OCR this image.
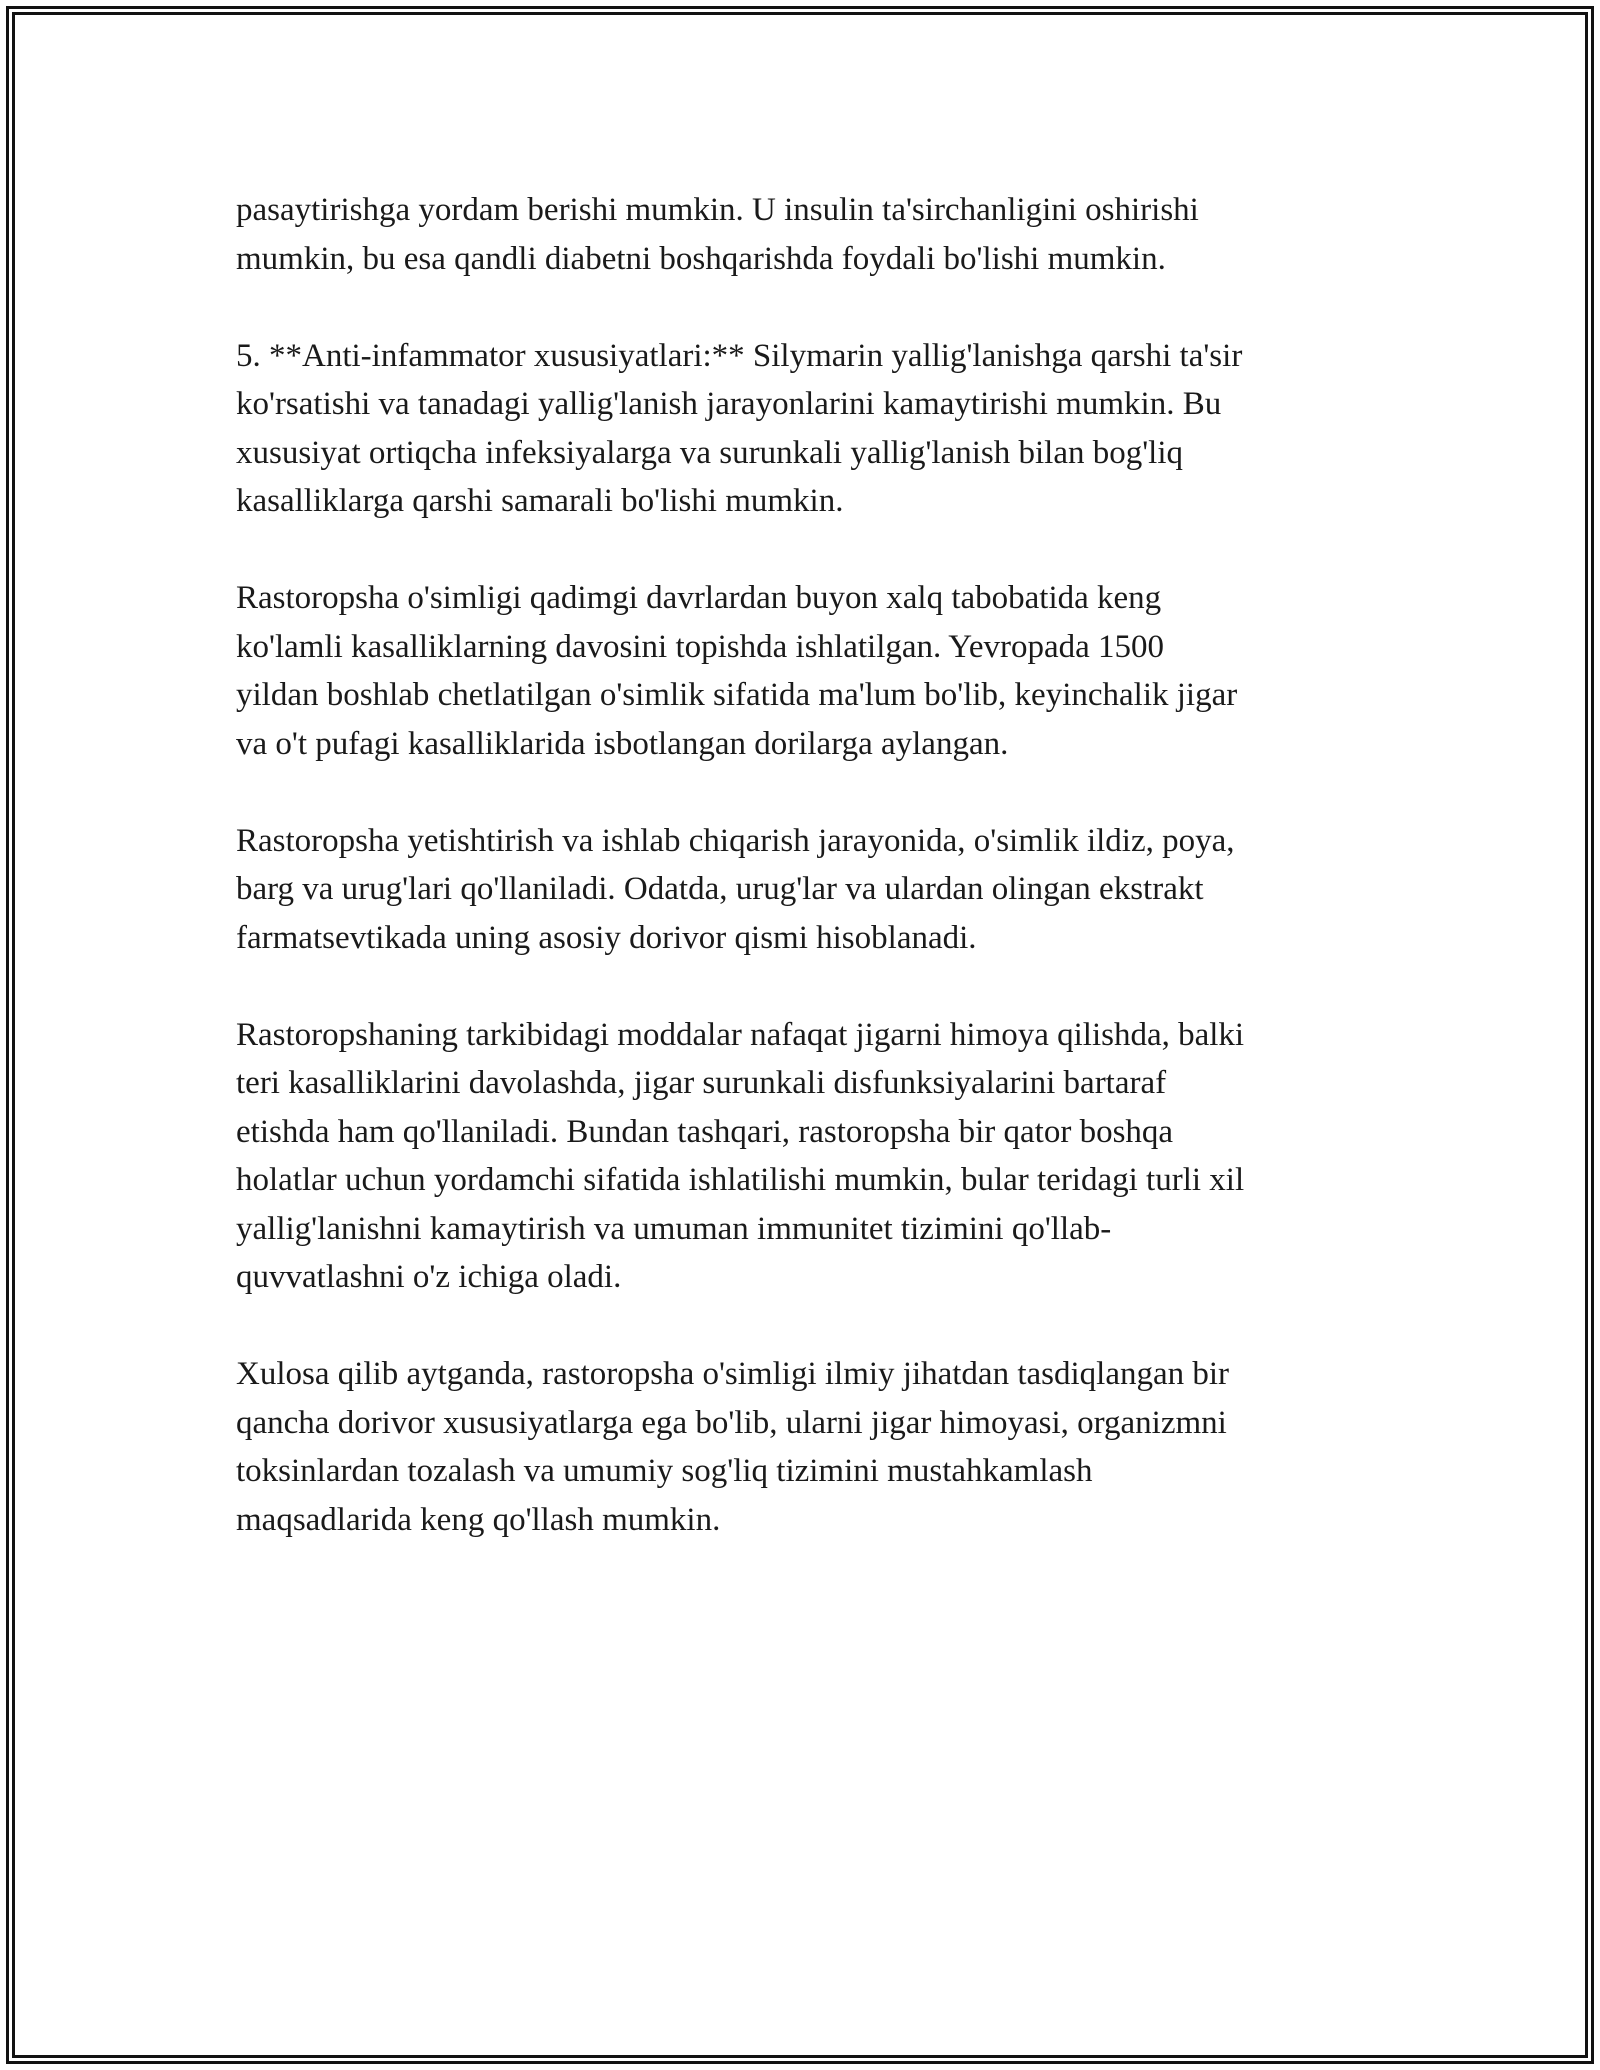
pasaytirishga yordam berishi mumkin. U insulin ta'sirchanligini oshirishi
mumkin, bu esa qandli diabetni boshqarishda foydali bo'lishi mumkin.

5. **Anti-infammator xususiyatlari:** Silymarin yallig'lanishga qarshi ta'sir
ko'rsatishi va tanadagi yallig'lanish jarayonlarini kamaytirishi mumkin. Bu
xususiyat ortiqcha infeksiyalarga va surunkali yallig'lanish bilan bog'liq
kasalliklarga qarshi samarali bo'lishi mumkin.

Rastoropsha o'simligi qadimgi davrlardan buyon xalq tabobatida keng
ko'lamli kasalliklarning davosini topishda ishlatilgan. Yevropada 1500
yildan boshlab chetlatilgan o'simlik sifatida ma'lum bo'lib, keyinchalik jigar
va o't pufagi kasalliklarida isbotlangan dorilarga aylangan.

Rastoropsha yetishtirish va ishlab chiqarish jarayonida, o'simlik ildiz, poya,
barg va urug'lari qo'llaniladi. Odatda, urug'lar va ulardan olingan ekstrakt
farmatsevtikada uning asosiy dorivor qismi hisoblanadi.

Rastoropshaning tarkibidagi moddalar nafaqat jigarni himoya qilishda, balki
teri kasalliklarini davolashda, jigar surunkali disfunksiyalarini bartaraf
etishda ham qo'llaniladi. Bundan tashqari, rastoropsha bir qator boshqa
holatlar uchun yordamchi sifatida ishlatilishi mumkin, bular teridagi turli xil
yallig'lanishni kamaytirish va umuman immunitet tizimini qo'llab-
quvvatlashni o'z ichiga oladi.

Xulosa qilib aytganda, rastoropsha o'simligi ilmiy jihatdan tasdiqlangan bir
qancha dorivor xususiyatlarga ega bo'lib, ularni jigar himoyasi, organizmni
toksinlardan tozalash va umumiy sog'liq tizimini mustahkamlash
maqsadlarida keng qo'llash mumkin.
